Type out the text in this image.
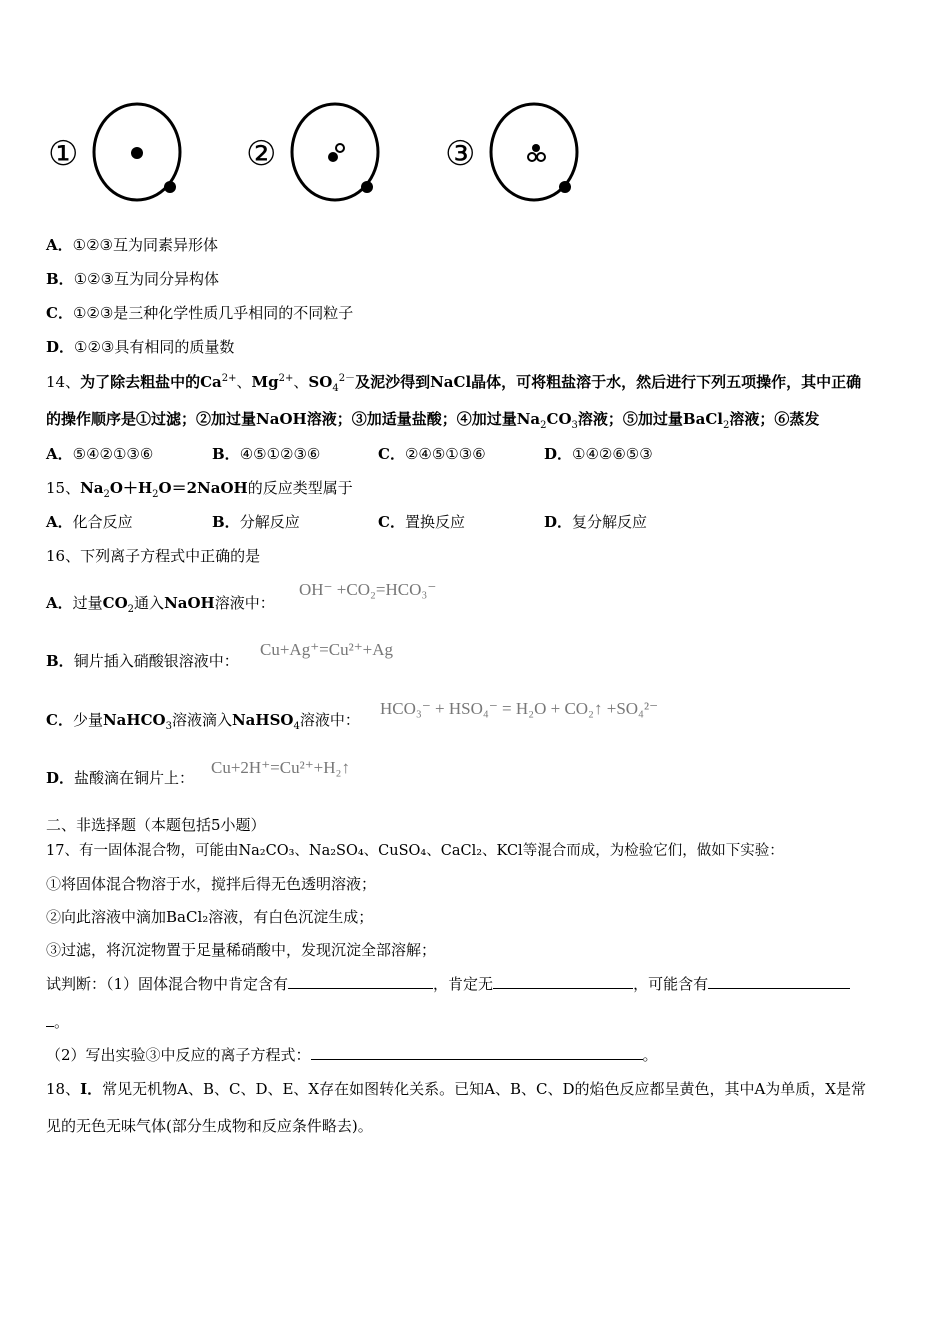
①	②	③
A．①②③互为同素异形体
B．①②③互为同分异构体
C．①②③是三种化学性质几乎相同的不同粒子
D．①②③具有相同的质量数
14、为了除去粗盐中的$Ca^{2+}$、$Mg^{2+}$、$SO_4^{2-}$及泥沙得到NaCl晶体，可将粗盐溶于水，然后进行下列五项操作，其中正确
的操作顺序是①过滤；②加过量NaOH溶液；③加适量盐酸；④加过量$Na_2CO_3$溶液；⑤加过量BaCl$_2$溶液；⑥蒸发
A．⑤④②①③⑥	B．④⑤①②③⑥	C．②④⑤①③⑥	D．①④②⑥⑤③
15、$Na_2O+H_2O=2NaOH$的反应类型属于
A．化合反应	B．分解反应	C．置换反应	D．复分解反应
16、下列离子方程式中正确的是
A．过量$CO_2$通入NaOH溶液中：
OH⁻ +CO₂=HCO₃⁻
B．铜片插入硝酸银溶液中：
Cu+Ag⁺=Cu²⁺+Ag
C．少量NaHCO$_3$溶液滴入NaHSO$_4$溶液中：
HCO₃⁻ + HSO₄⁻ = H₂O + CO₂↑ +SO₄²⁻
D．盐酸滴在铜片上：
Cu+2H⁺=Cu²⁺+H₂↑
二、非选择题（本题包括5小题）
17、有一固体混合物，可能由Na₂CO₃、Na₂SO₄、CuSO₄、CaCl₂、KCl等混合而成，为检验它们，做如下实验：
①将固体混合物溶于水，搅拌后得无色透明溶液；
②向此溶液中滴加BaCl₂溶液，有白色沉淀生成；
③过滤，将沉淀物置于足量稀硝酸中，发现沉淀全部溶解；
试判断：（1）固体混合物中肯定含有	，肯定无	，可能含有
。
（2）写出实验③中反应的离子方程式：	。
18、I．常见无机物A、B、C、D、E、X存在如图转化关系。已知A、B、C、D的焰色反应都呈黄色，其中A为单质，X是常
见的无色无味气体(部分生成物和反应条件略去)。
